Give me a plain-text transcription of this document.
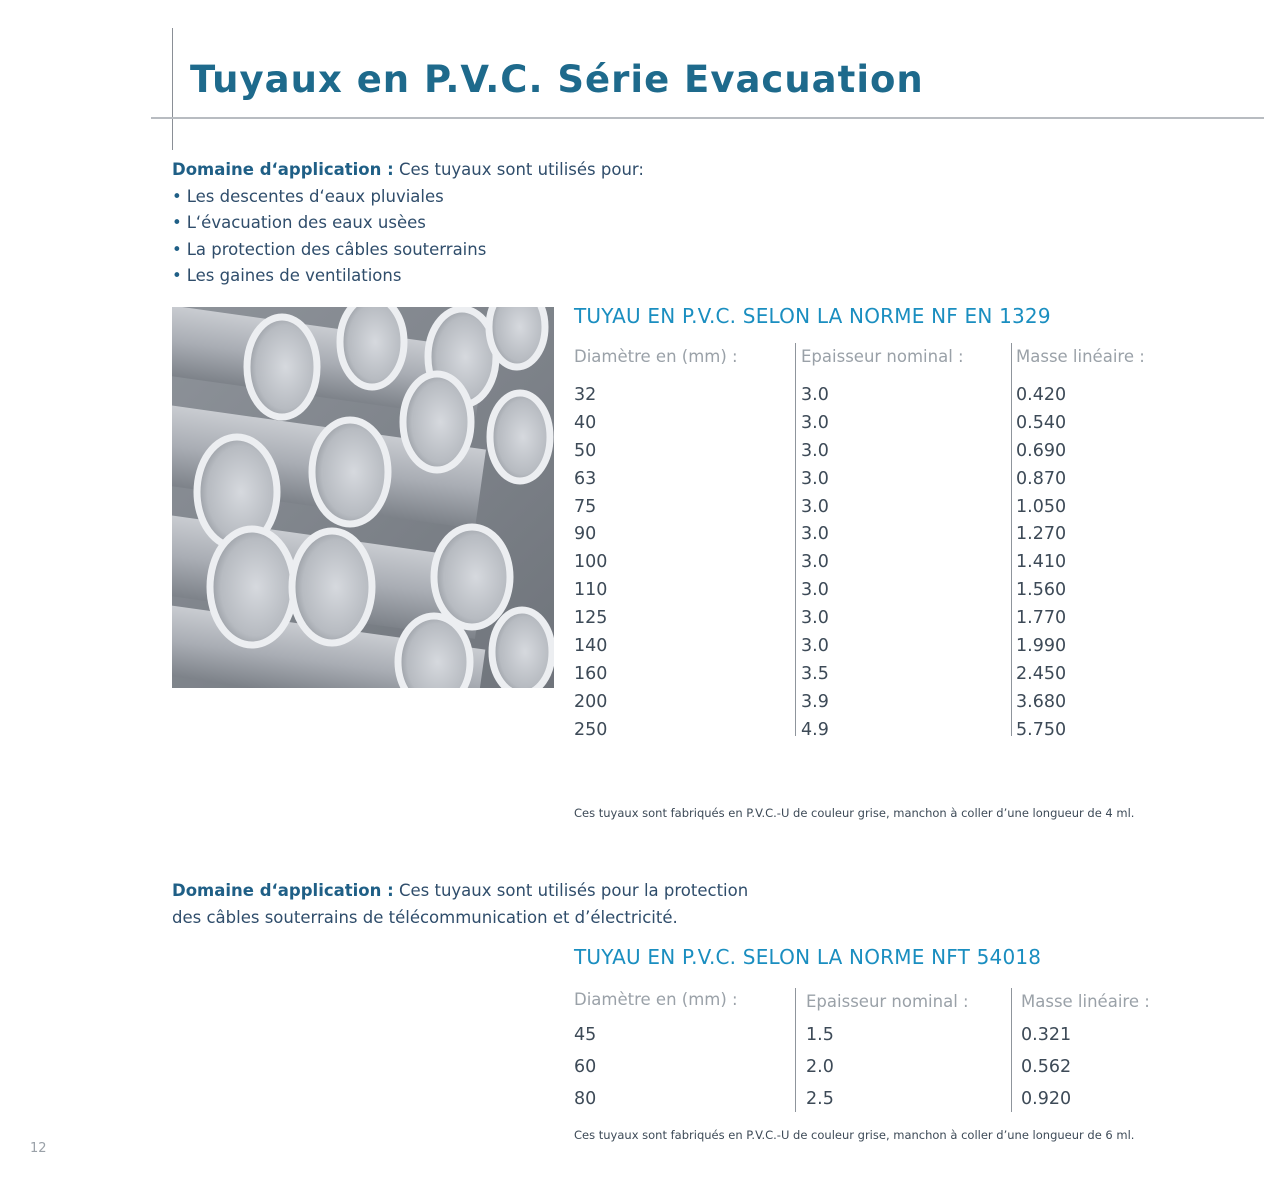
Tuyaux en P.V.C. Série Evacuation
Domaine d‘application : Ces tuyaux sont utilisés pour:
• Les descentes d‘eaux pluviales
• L‘évacuation des eaux usèes
• La protection des câbles souterrains
• Les gaines de ventilations
TUYAU EN P.V.C. SELON LA NORME NF EN 1329
Diamètre en (mm) :
32
40
50
63
75
90
100
110
125
140
160
200
250
Epaisseur nominal :
3.0
3.0
3.0
3.0
3.0
3.0
3.0
3.0
3.0
3.0
3.5
3.9
4.9
Masse linéaire :
0.420
0.540
0.690
0.870
1.050
1.270
1.410
1.560
1.770
1.990
2.450
3.680
5.750
Ces tuyaux sont fabriqués en P.V.C.-U de couleur grise, manchon à coller d’une longueur de 4 ml.
Domaine d‘application : Ces tuyaux sont utilisés pour la protection
des câbles souterrains de télécommunication et d’électricité.
TUYAU EN P.V.C. SELON LA NORME NFT 54018
Diamètre en (mm) :
45
60
80
Epaisseur nominal :
1.5
2.0
2.5
Masse linéaire :
0.321
0.562
0.920
Ces tuyaux sont fabriqués en P.V.C.-U de couleur grise, manchon à coller d’une longueur de 6 ml.
12
